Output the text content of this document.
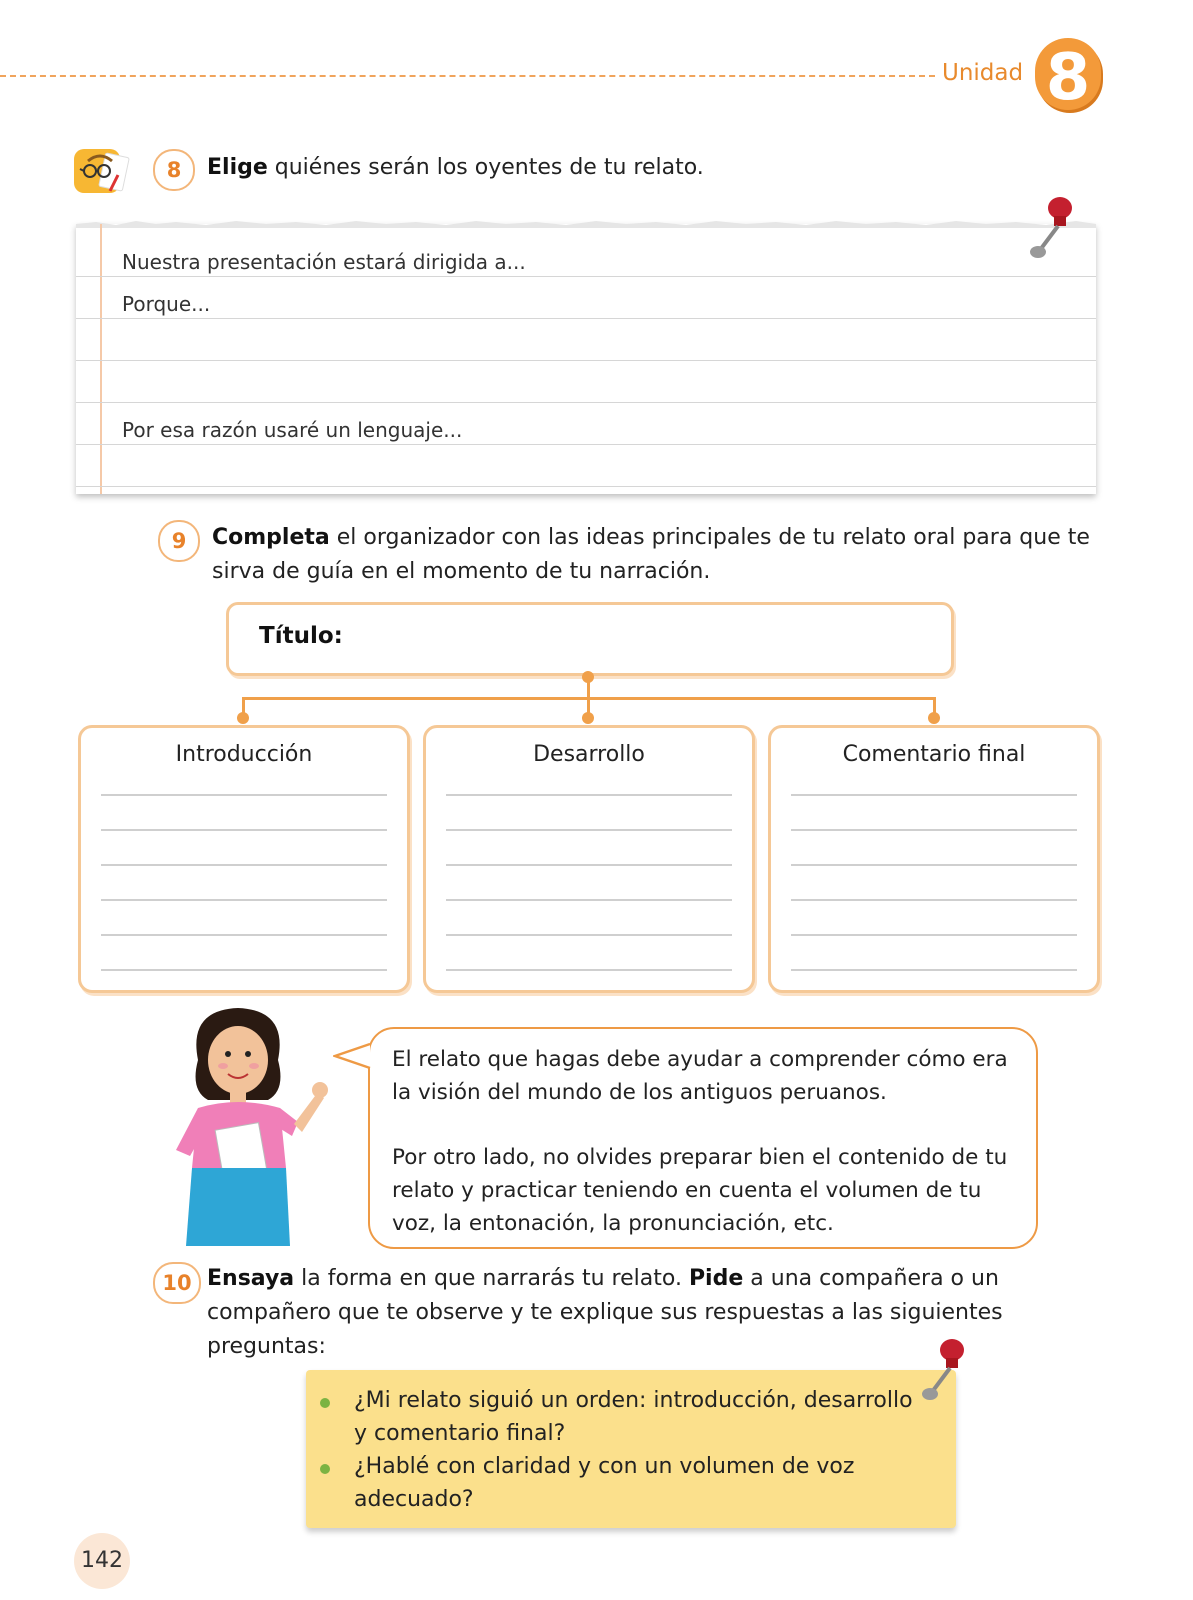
Unidad 8
8	Elige quiénes serán los oyentes de tu relato.
Nuestra presentación estará dirigida a...
Porque...
Por esa razón usaré un lenguaje...
9	Completa el organizador con las ideas principales de tu relato oral para que te sirva de guía en el momento de tu narración.
Título:
Introducción	Desarrollo	Comentario final

El relato que hagas debe ayudar a comprender cómo era la visión del mundo de los antiguos peruanos.

Por otro lado, no olvides preparar bien el contenido de tu relato y practicar teniendo en cuenta el volumen de tu voz, la entonación, la pronunciación, etc.

10 Ensaya la forma en que narrarás tu relato. Pide a una compañera o un compañero que te observe y te explique sus respuestas a las siguientes preguntas:
¿Mi relato siguió un orden: introducción, desarrollo y comentario final?
¿Hablé con claridad y con un volumen de voz adecuado?
142
